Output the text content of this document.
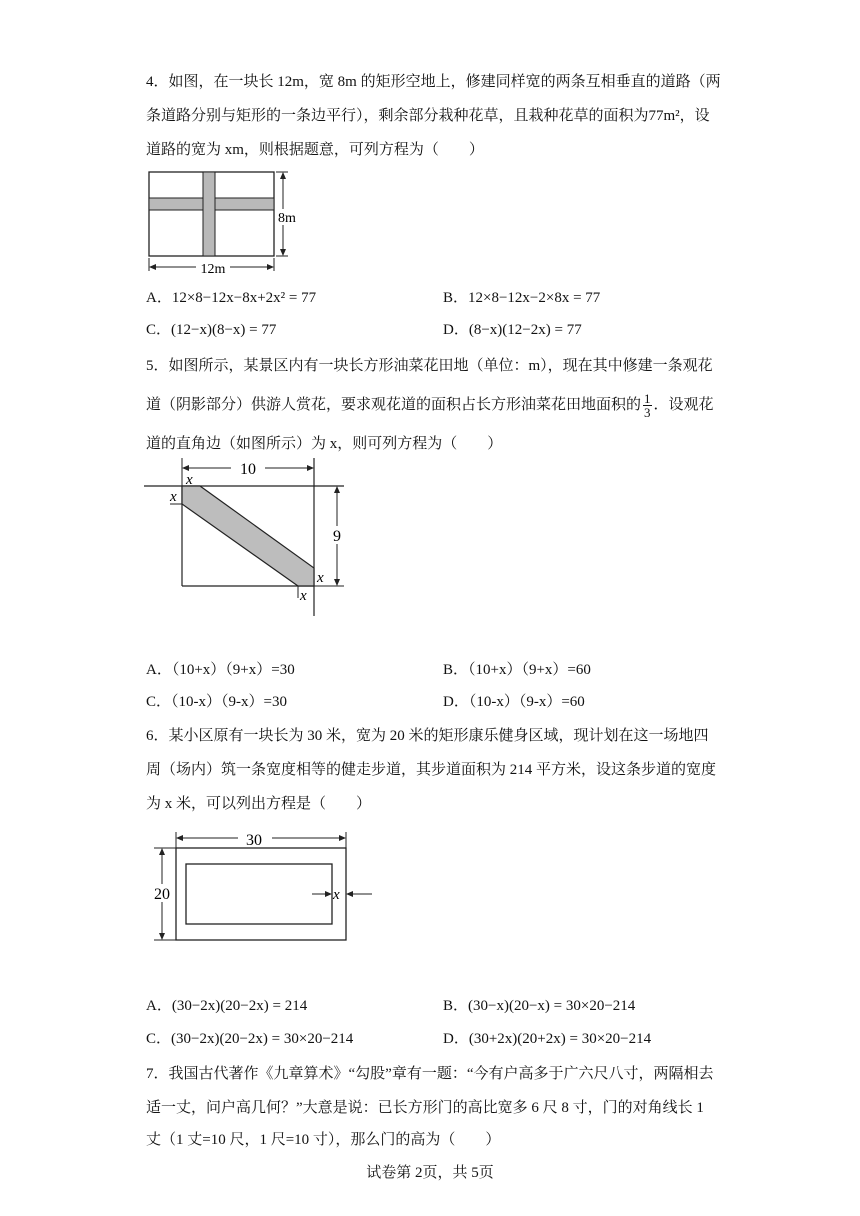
4．如图，在一块长 12m，宽 8m 的矩形空地上，修建同样宽的两条互相垂直的道路（两
条道路分别与矩形的一条边平行），剩余部分栽种花草，且栽种花草的面积为77m²，设
道路的宽为 xm，则根据题意，可列方程为（　　）
12m
8m
A．12×8−12x−8x+2x² = 77	B．12×8−12x−2×8x = 77
C．(12−x)(8−x) = 77	D．(8−x)(12−2x) = 77
5．如图所示，某景区内有一块长方形油菜花田地（单位：m），现在其中修建一条观花
道（阴影部分）供游人赏花，要求观花道的面积占长方形油菜花田地面积的 $\frac{1}{3}$ ．设观花
道的直角边（如图所示）为 x，则可列方程为（　　）
10
9
x
x
x
x
A．（10+x）（9+x）=30	B．（10+x）（9+x）=60
C．（10-x）（9-x）=30	D．（10-x）（9-x）=60
6．某小区原有一块长为 30 米，宽为 20 米的矩形康乐健身区域，现计划在这一场地四
周（场内）筑一条宽度相等的健走步道，其步道面积为 214 平方米，设这条步道的宽度
为 x 米，可以列出方程是（　　）
30
20	x
A．(30−2x)(20−2x) = 214	B．(30−x)(20−x) = 30×20−214
C．(30−2x)(20−2x) = 30×20−214	D．(30+2x)(20+2x) = 30×20−214
7．我国古代著作《九章算术》“勾股”章有一题：“今有户高多于广六尺八寸，两隔相去
适一丈，问户高几何？”大意是说：已长方形门的高比宽多 6 尺 8 寸，门的对角线长 1
丈（1 丈=10 尺，1 尺=10 寸），那么门的高为（　　）
试卷第 2页，共 5页
